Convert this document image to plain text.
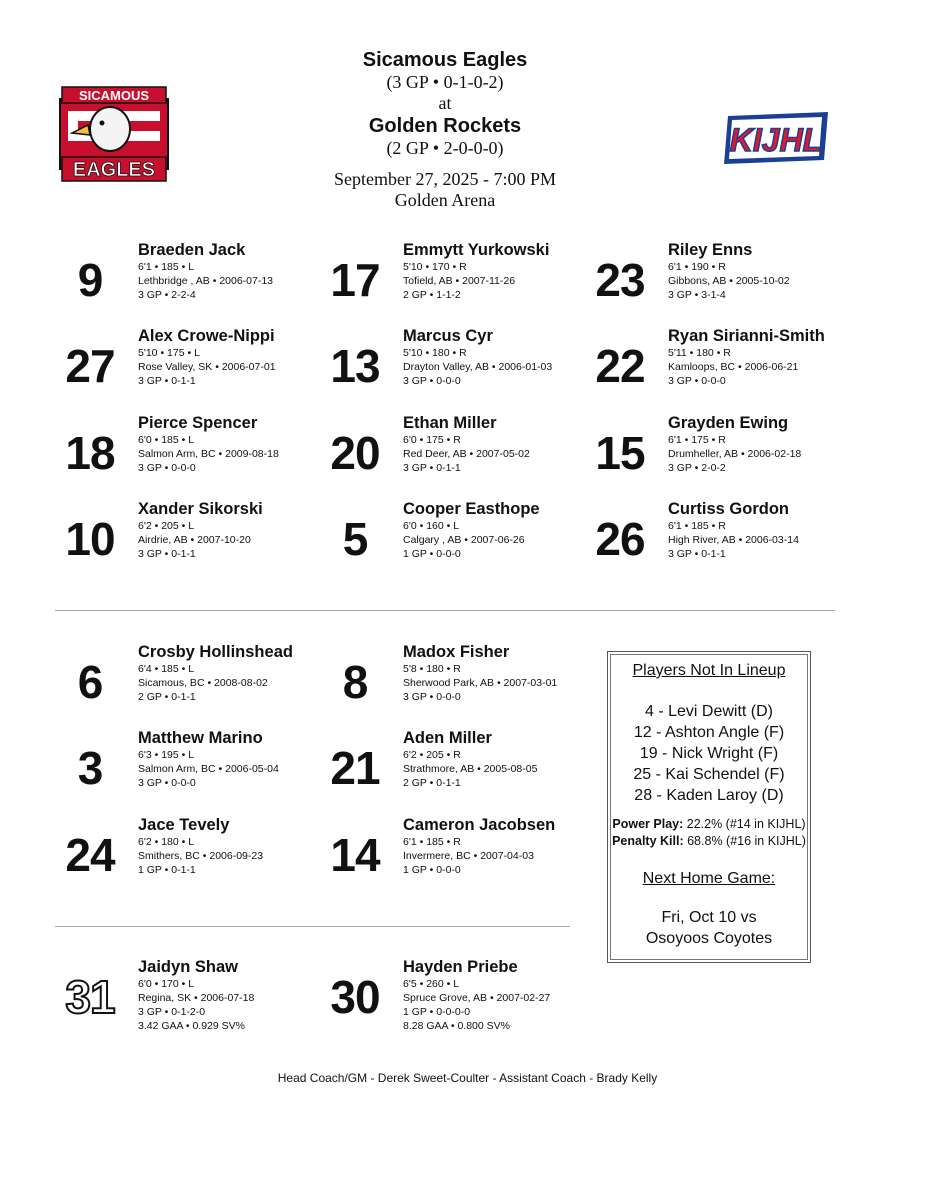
Sicamous Eagles
(3 GP • 0-1-0-2)
at
Golden Rockets
(2 GP • 2-0-0-0)
September 27, 2025 - 7:00 PM
Golden Arena
SICAMOUS
EAGLES
KIJHL
9
Braeden Jack
6'1 • 185 • L
Lethbridge , AB • 2006-07-13
3 GP • 2-2-4	17
Emmytt Yurkowski
5'10 • 170 • R
Tofield, AB • 2007-11-26
2 GP • 1-1-2	23
Riley Enns
6'1 • 190 • R
Gibbons, AB • 2005-10-02
3 GP • 3-1-4
27
Alex Crowe-Nippi
5'10 • 175 • L
Rose Valley, SK • 2006-07-01
3 GP • 0-1-1	13
Marcus Cyr
5'10 • 180 • R
Drayton Valley, AB • 2006-01-03
3 GP • 0-0-0	22
Ryan Sirianni-Smith
5'11 • 180 • R
Kamloops, BC • 2006-06-21
3 GP • 0-0-0
18
Pierce Spencer
6'0 • 185 • L
Salmon Arm, BC • 2009-08-18
3 GP • 0-0-0	20
Ethan Miller
6'0 • 175 • R
Red Deer, AB • 2007-05-02
3 GP • 0-1-1	15
Grayden Ewing
6'1 • 175 • R
Drumheller, AB • 2006-02-18
3 GP • 2-0-2
10
Xander Sikorski
6'2 • 205 • L
Airdrie, AB • 2007-10-20
3 GP • 0-1-1	5
Cooper Easthope
6'0 • 160 • L
Calgary , AB • 2007-06-26
1 GP • 0-0-0	26
Curtiss Gordon
6'1 • 185 • R
High River, AB • 2006-03-14
3 GP • 0-1-1
6
Crosby Hollinshead
6'4 • 185 • L
Sicamous, BC • 2008-08-02
2 GP • 0-1-1	8
Madox Fisher
5'8 • 180 • R
Sherwood Park, AB • 2007-03-01
3 GP • 0-0-0
3
Matthew Marino
6'3 • 195 • L
Salmon Arm, BC • 2006-05-04
3 GP • 0-0-0	21
Aden Miller
6'2 • 205 • R
Strathmore, AB • 2005-08-05
2 GP • 0-1-1
24
Jace Tevely
6'2 • 180 • L
Smithers, BC • 2006-09-23
1 GP • 0-1-1	14
Cameron Jacobsen
6'1 • 185 • R
Invermere, BC • 2007-04-03
1 GP • 0-0-0
31
Jaidyn Shaw
6'0 • 170 • L
Regina, SK • 2006-07-18
3 GP • 0-1-2-0
3.42 GAA • 0.929 SV%
30
Hayden Priebe
6'5 • 260 • L
Spruce Grove, AB • 2007-02-27
1 GP • 0-0-0-0
8.28 GAA • 0.800 SV%
Players Not In Lineup
4 - Levi Dewitt (D)
12 - Ashton Angle (F)
19 - Nick Wright (F)
25 - Kai Schendel (F)
28 - Kaden Laroy (D)
Power Play: 22.2% (#14 in KIJHL)
Penalty Kill: 68.8% (#16 in KIJHL)
Next Home Game:
Fri, Oct 10 vs
Osoyoos Coyotes
Head Coach/GM - Derek Sweet-Coulter - Assistant Coach - Brady Kelly
